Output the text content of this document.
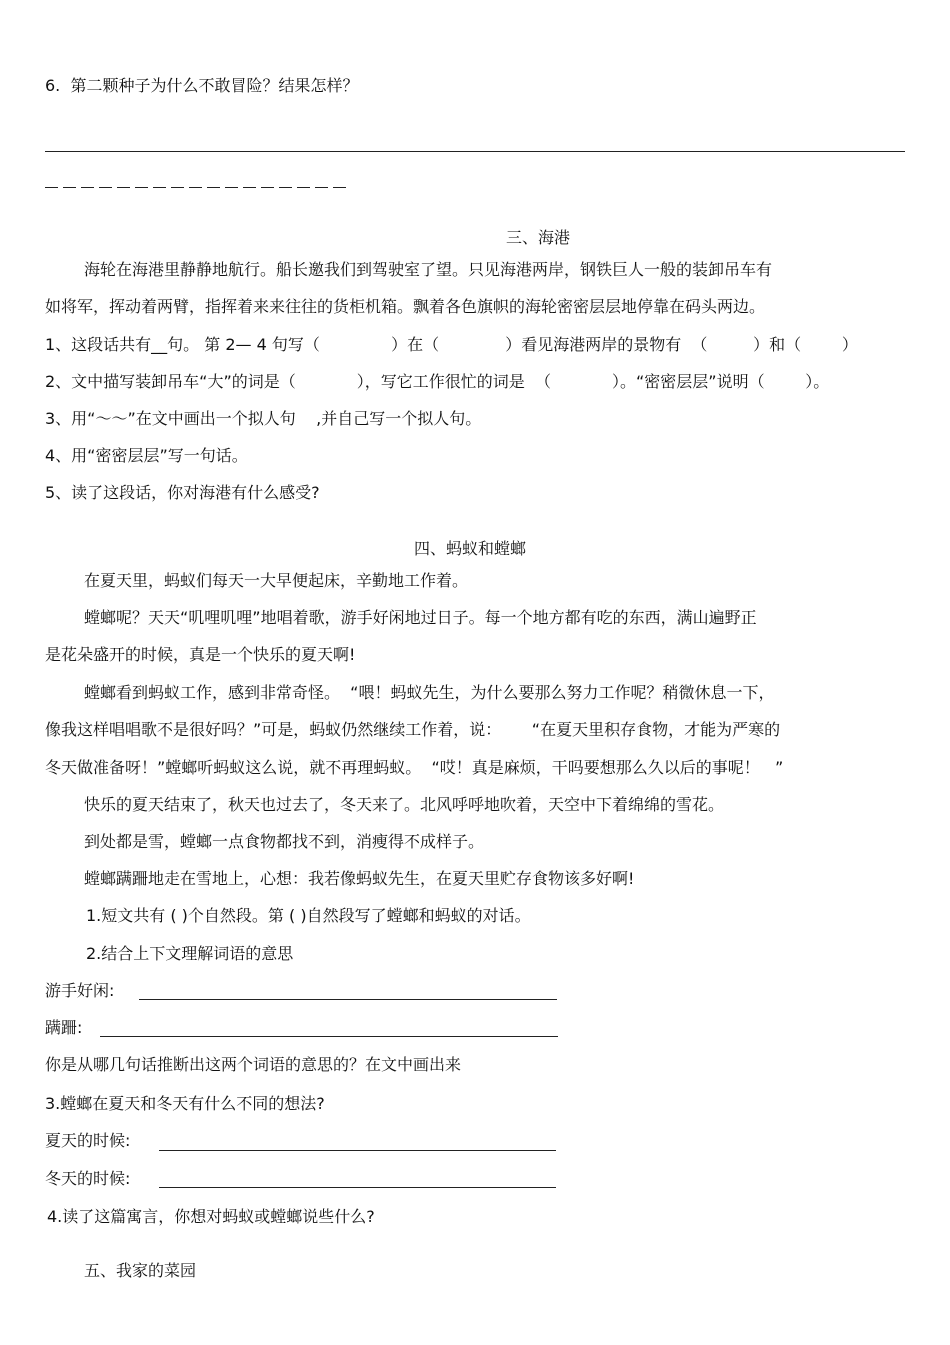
6.  第二颗种子为什么不敢冒险？结果怎样？
三、海港
海轮在海港里静静地航行。船长邀我们到驾驶室了望。只见海港两岸，钢铁巨人一般的装卸吊车有
如将军，挥动着两臂，指挥着来来往往的货柜机箱。飘着各色旗帜的海轮密密层层地停靠在码头两边。
1、这段话共有__句。 第 2— 4 句写（              ）在（             ）看见海港两岸的景物有  （         ）和（        ）
2、文中描写装卸吊车“大”的词是（            ），写它工作很忙的词是  （            ）。“密密层层”说明（        ）。
3、用“～～”在文中画出一个拟人句    ,并自己写一个拟人句。
4、用“密密层层”写一句话。
5、读了这段话，你对海港有什么感受?
四、蚂蚁和螳螂
在夏天里，蚂蚁们每天一大早便起床，辛勤地工作着。
螳螂呢？天天“叽哩叽哩”地唱着歌，游手好闲地过日子。每一个地方都有吃的东西，满山遍野正
是花朵盛开的时候，真是一个快乐的夏天啊!
螳螂看到蚂蚁工作，感到非常奇怪。  “喂！蚂蚁先生，为什么要那么努力工作呢？稍微休息一下，
像我这样唱唱歌不是很好吗？”可是，蚂蚁仍然继续工作着，说：      “在夏天里积存食物，才能为严寒的
冬天做准备呀！”螳螂听蚂蚁这么说，就不再理蚂蚁。  “哎！真是麻烦，干吗要想那么久以后的事呢！   ”
快乐的夏天结束了，秋天也过去了，冬天来了。北风呼呼地吹着，天空中下着绵绵的雪花。
到处都是雪，螳螂一点食物都找不到，消瘦得不成样子。
螳螂蹒跚地走在雪地上，心想：我若像蚂蚁先生，在夏天里贮存食物该多好啊!
1.短文共有 ( )个自然段。第 ( )自然段写了螳螂和蚂蚁的对话。
2.结合上下文理解词语的意思
游手好闲:
蹒跚:
你是从哪几句话推断出这两个词语的意思的？在文中画出来
3.螳螂在夏天和冬天有什么不同的想法?
夏天的时候:
冬天的时候:
4.读了这篇寓言，你想对蚂蚁或螳螂说些什么?
五、我家的菜园
